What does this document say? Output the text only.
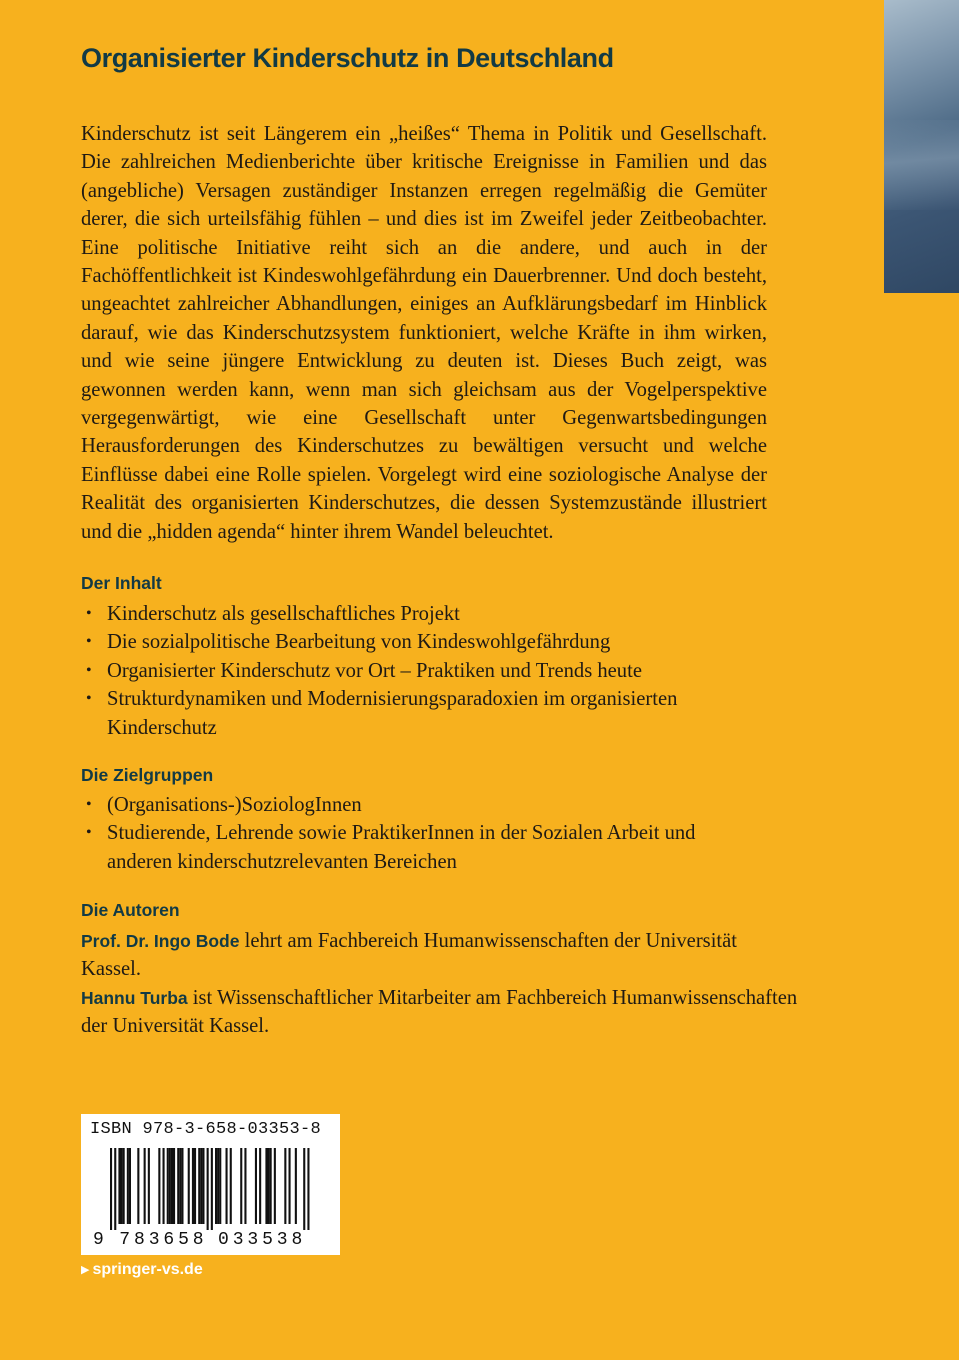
Organisierter Kinderschutz in Deutschland

Kinderschutz ist seit Längerem ein „heißes“ Thema in Politik und Gesellschaft. Die zahlreichen Medienberichte über kritische Ereignisse in Familien und das (angebliche) Versagen zuständiger Instanzen erregen regelmäßig die Gemüter derer, die sich urteilsfähig fühlen – und dies ist im Zweifel jeder Zeitbeobachter. Eine politische Initiative reiht sich an die andere, und auch in der Fachöffentlichkeit ist Kindeswohlgefährdung ein Dauerbrenner. Und doch besteht, ungeachtet zahlreicher Abhandlungen, einiges an Aufklärungsbedarf im Hinblick darauf, wie das Kinderschutzsystem funktioniert, welche Kräfte in ihm wirken, und wie seine jüngere Entwicklung zu deuten ist. Dieses Buch zeigt, was gewonnen werden kann, wenn man sich gleichsam aus der Vogelperspektive vergegenwärtigt, wie eine Gesellschaft unter Gegenwartsbedingungen Herausforderungen des Kinderschutzes zu bewältigen versucht und welche Einflüsse dabei eine Rolle spielen. Vorgelegt wird eine soziologische Analyse der Realität des organisierten Kinderschutzes, die dessen Systemzustände illustriert und die „hidden agenda“ hinter ihrem Wandel beleuchtet.

Der Inhalt
• Kinderschutz als gesellschaftliches Projekt
• Die sozialpolitische Bearbeitung von Kindeswohlgefährdung
• Organisierter Kinderschutz vor Ort – Praktiken und Trends heute
• Strukturdynamiken und Modernisierungsparadoxien im organisierten Kinderschutz
Die Zielgruppen
• (Organisations-)SoziologInnen
• Studierende, Lehrende sowie PraktikerInnen in der Sozialen Arbeit und anderen kinderschutzrelevanten Bereichen
Die Autoren

Prof. Dr. Ingo Bode lehrt am Fachbereich Humanwissenschaften der Universität Kassel.

Hannu Turba ist Wissenschaftlicher Mitarbeiter am Fachbereich Humanwissenschaften der Universität Kassel.

ISBN 978-3-658-03353-8
9 7 8 3 6 5 8 0 3 3 5 3 8
▶ springer-vs.de
